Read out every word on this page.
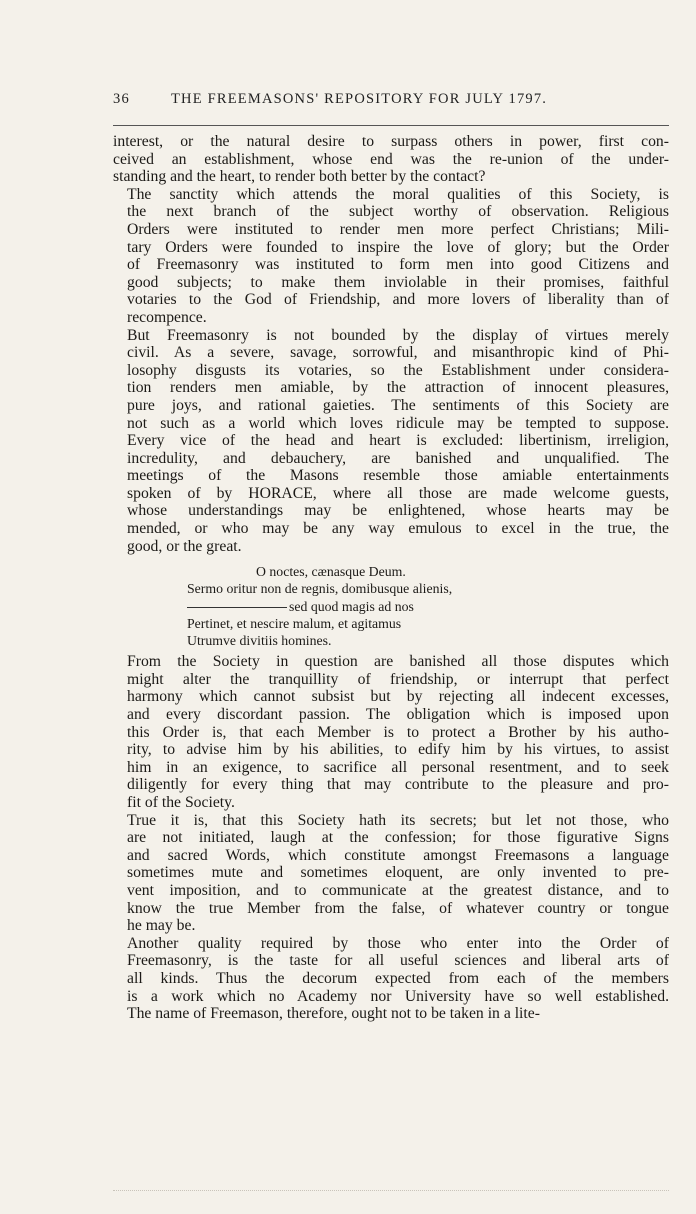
36	THE FREEMASONS' REPOSITORY FOR JULY 1797.

interest, or the natural desire to surpass others in power, first con-
ceived an establishment, whose end was the re-union of the under-
standing and the heart, to render both better by the contact?

The sanctity which attends the moral qualities of this Society, is
the next branch of the subject worthy of observation. Religious
Orders were instituted to render men more perfect Christians; Mili-
tary Orders were founded to inspire the love of glory; but the Order
of Freemasonry was instituted to form men into good Citizens and
good subjects; to make them inviolable in their promises, faithful
votaries to the God of Friendship, and more lovers of liberality than of
recompence.

But Freemasonry is not bounded by the display of virtues merely
civil. As a severe, savage, sorrowful, and misanthropic kind of Phi-
losophy disgusts its votaries, so the Establishment under considera-
tion renders men amiable, by the attraction of innocent pleasures,
pure joys, and rational gaieties. The sentiments of this Society are
not such as a world which loves ridicule may be tempted to suppose.
Every vice of the head and heart is excluded: libertinism, irreligion,
incredulity, and debauchery, are banished and unqualified. The
meetings of the Masons resemble those amiable entertainments
spoken of by HORACE, where all those are made welcome guests,
whose understandings may be enlightened, whose hearts may be
mended, or who may be any way emulous to excel in the true, the
good, or the great.

O noctes, cænasque Deum.
Sermo oritur non de regnis, domibusque alienis,
sed quod magis ad nos
Pertinet, et nescire malum, et agitamus
Utrumve divitiis homines.

From the Society in question are banished all those disputes which
might alter the tranquillity of friendship, or interrupt that perfect
harmony which cannot subsist but by rejecting all indecent excesses,
and every discordant passion. The obligation which is imposed upon
this Order is, that each Member is to protect a Brother by his autho-
rity, to advise him by his abilities, to edify him by his virtues, to assist
him in an exigence, to sacrifice all personal resentment, and to seek
diligently for every thing that may contribute to the pleasure and pro-
fit of the Society.

True it is, that this Society hath its secrets; but let not those, who
are not initiated, laugh at the confession; for those figurative Signs
and sacred Words, which constitute amongst Freemasons a language
sometimes mute and sometimes eloquent, are only invented to pre-
vent imposition, and to communicate at the greatest distance, and to
know the true Member from the false, of whatever country or tongue
he may be.

Another quality required by those who enter into the Order of
Freemasonry, is the taste for all useful sciences and liberal arts of
all kinds. Thus the decorum expected from each of the members
is a work which no Academy nor University have so well established.
The name of Freemason, therefore, ought not to be taken in a lite-
